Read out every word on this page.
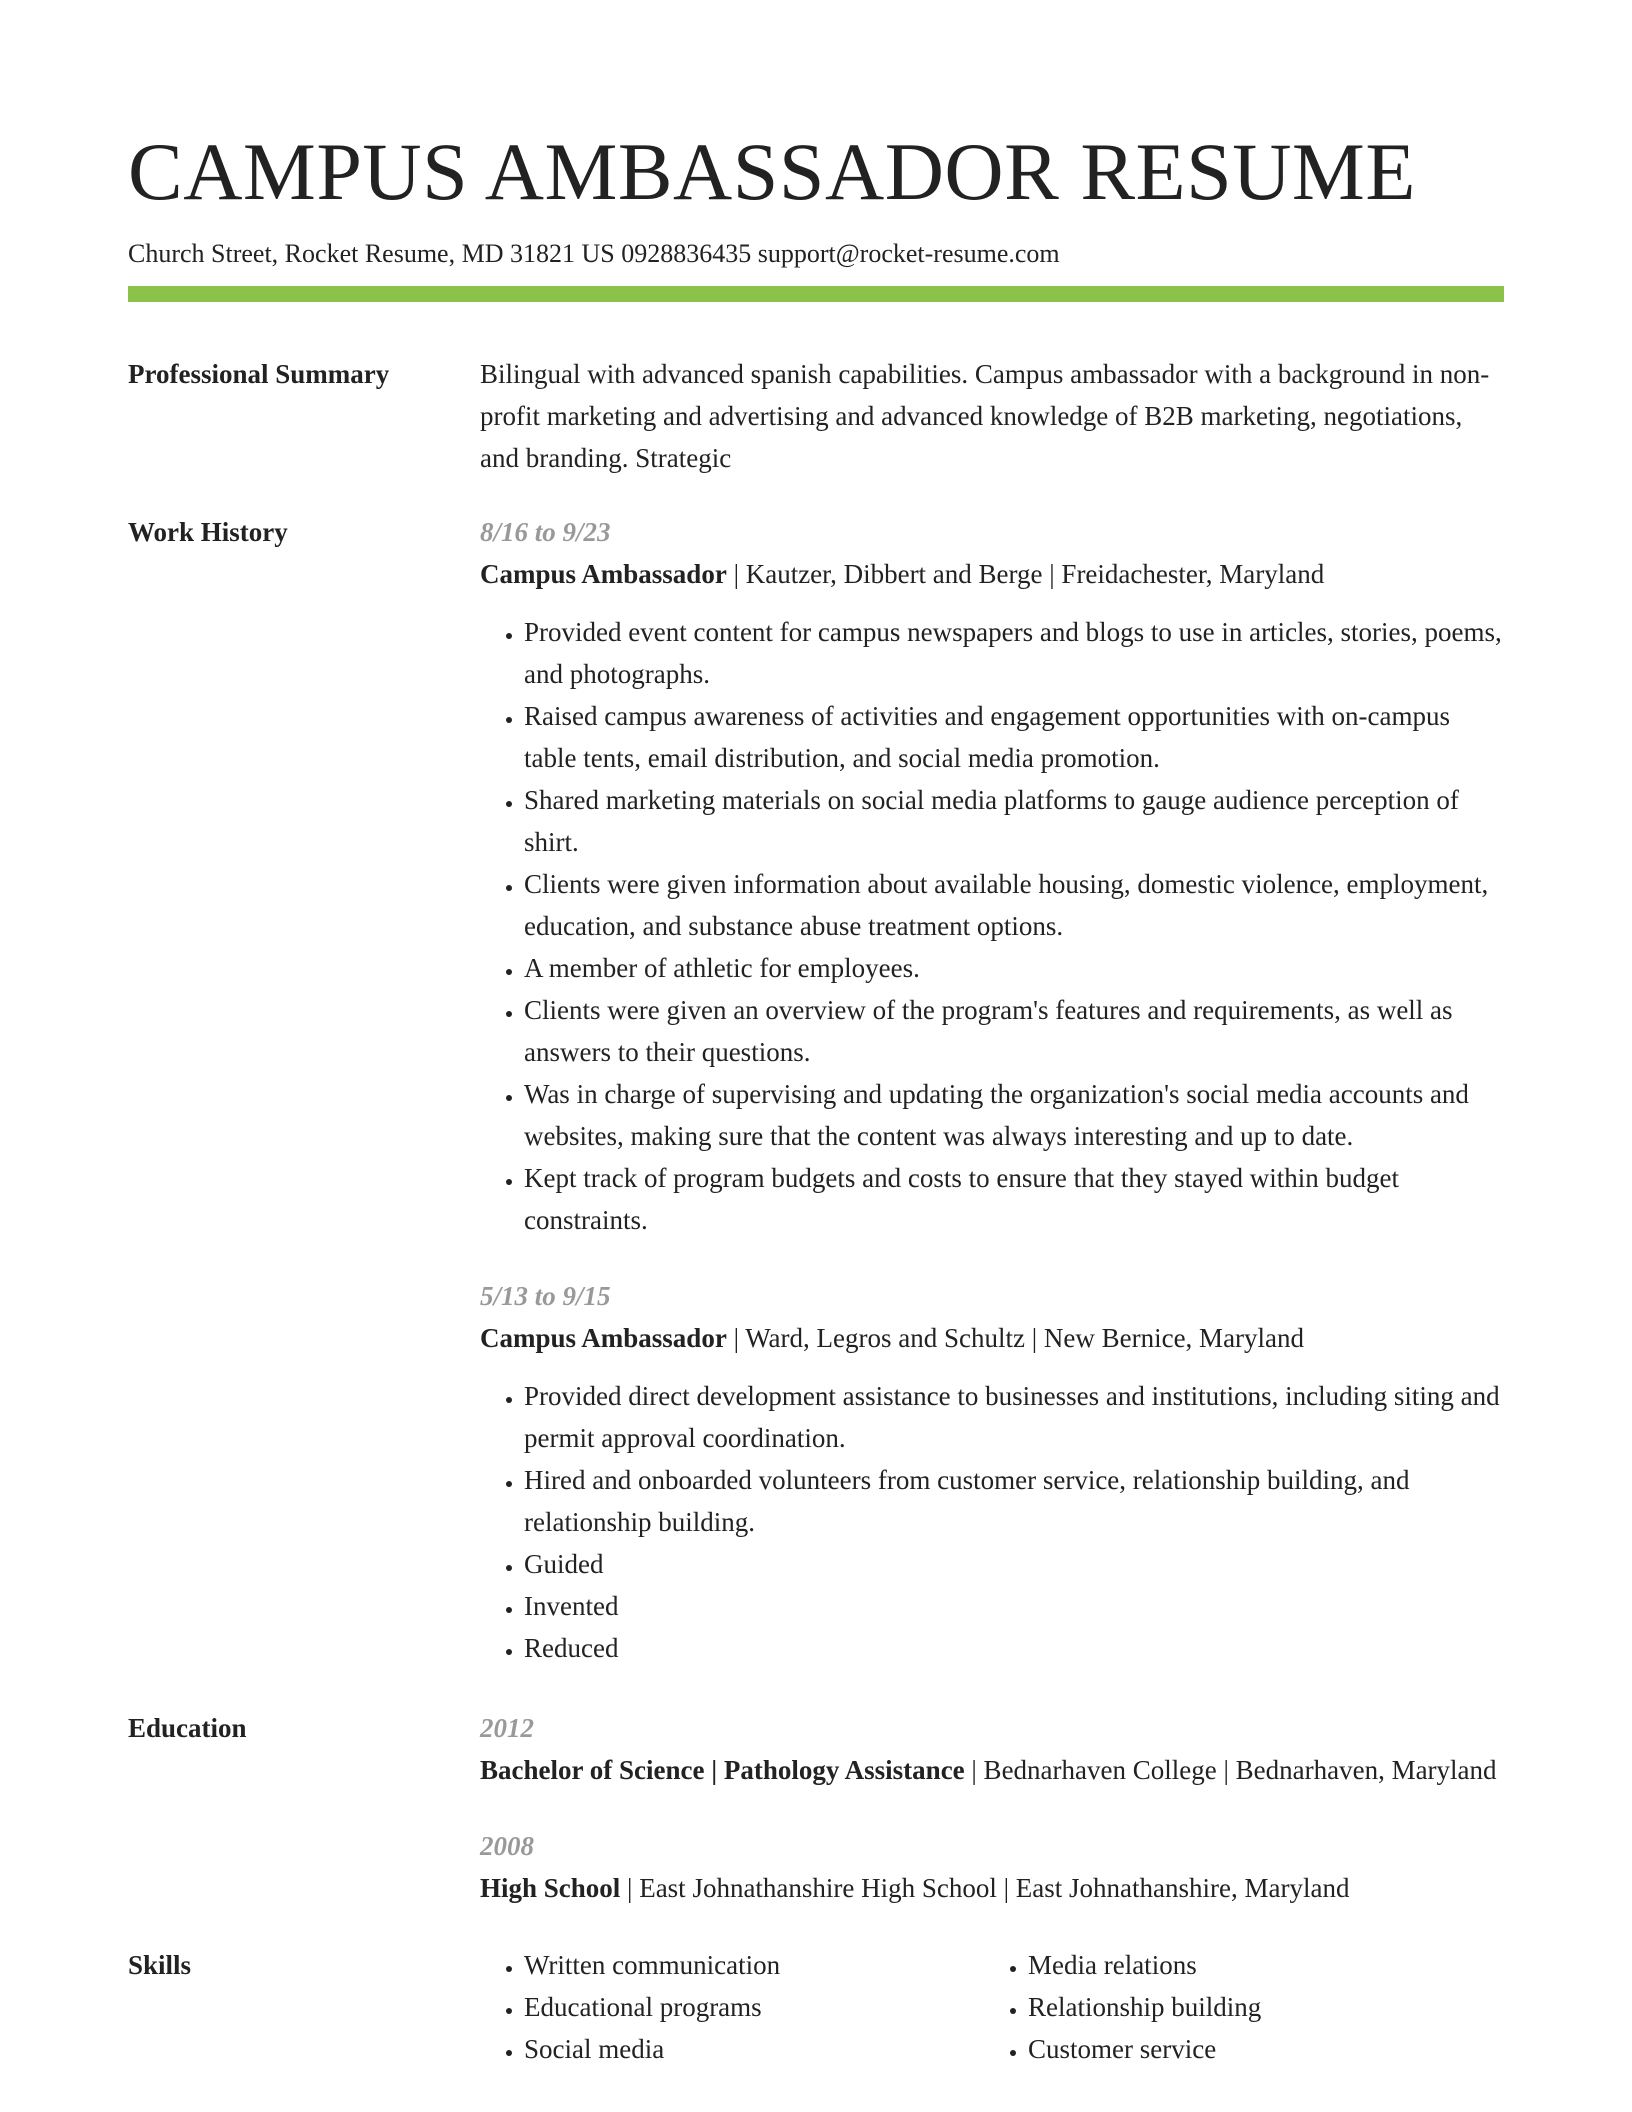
CAMPUS AMBASSADOR RESUME
Church Street, Rocket Resume, MD 31821 US 0928836435 support@rocket-resume.com
Professional Summary	Bilingual with advanced spanish capabilities. Campus ambassador with a background in non-profit marketing and advertising and advanced knowledge of B2B marketing, negotiations, and branding. Strategic
Work History	8/16 to 9/23
Campus Ambassador | Kautzer, Dibbert and Berge | Freidachester, Maryland
• Provided event content for campus newspapers and blogs to use in articles, stories, poems, and photographs.
• Raised campus awareness of activities and engagement opportunities with on-campus table tents, email distribution, and social media promotion.
• Shared marketing materials on social media platforms to gauge audience perception of shirt.
• Clients were given information about available housing, domestic violence, employment, education, and substance abuse treatment options.
• A member of athletic for employees.
• Clients were given an overview of the program's features and requirements, as well as answers to their questions.
• Was in charge of supervising and updating the organization's social media accounts and websites, making sure that the content was always interesting and up to date.
• Kept track of program budgets and costs to ensure that they stayed within budget constraints.
5/13 to 9/15
Campus Ambassador | Ward, Legros and Schultz | New Bernice, Maryland
• Provided direct development assistance to businesses and institutions, including siting and permit approval coordination.
• Hired and onboarded volunteers from customer service, relationship building, and relationship building.
• Guided
• Invented
• Reduced
Education	2012
Bachelor of Science | Pathology Assistance | Bednarhaven College | Bednarhaven, Maryland
2008
High School | East Johnathanshire High School | East Johnathanshire, Maryland
Skills
•	Written communication
• Educational programs
• Social media
• Media relations
• Relationship building
• Customer service
